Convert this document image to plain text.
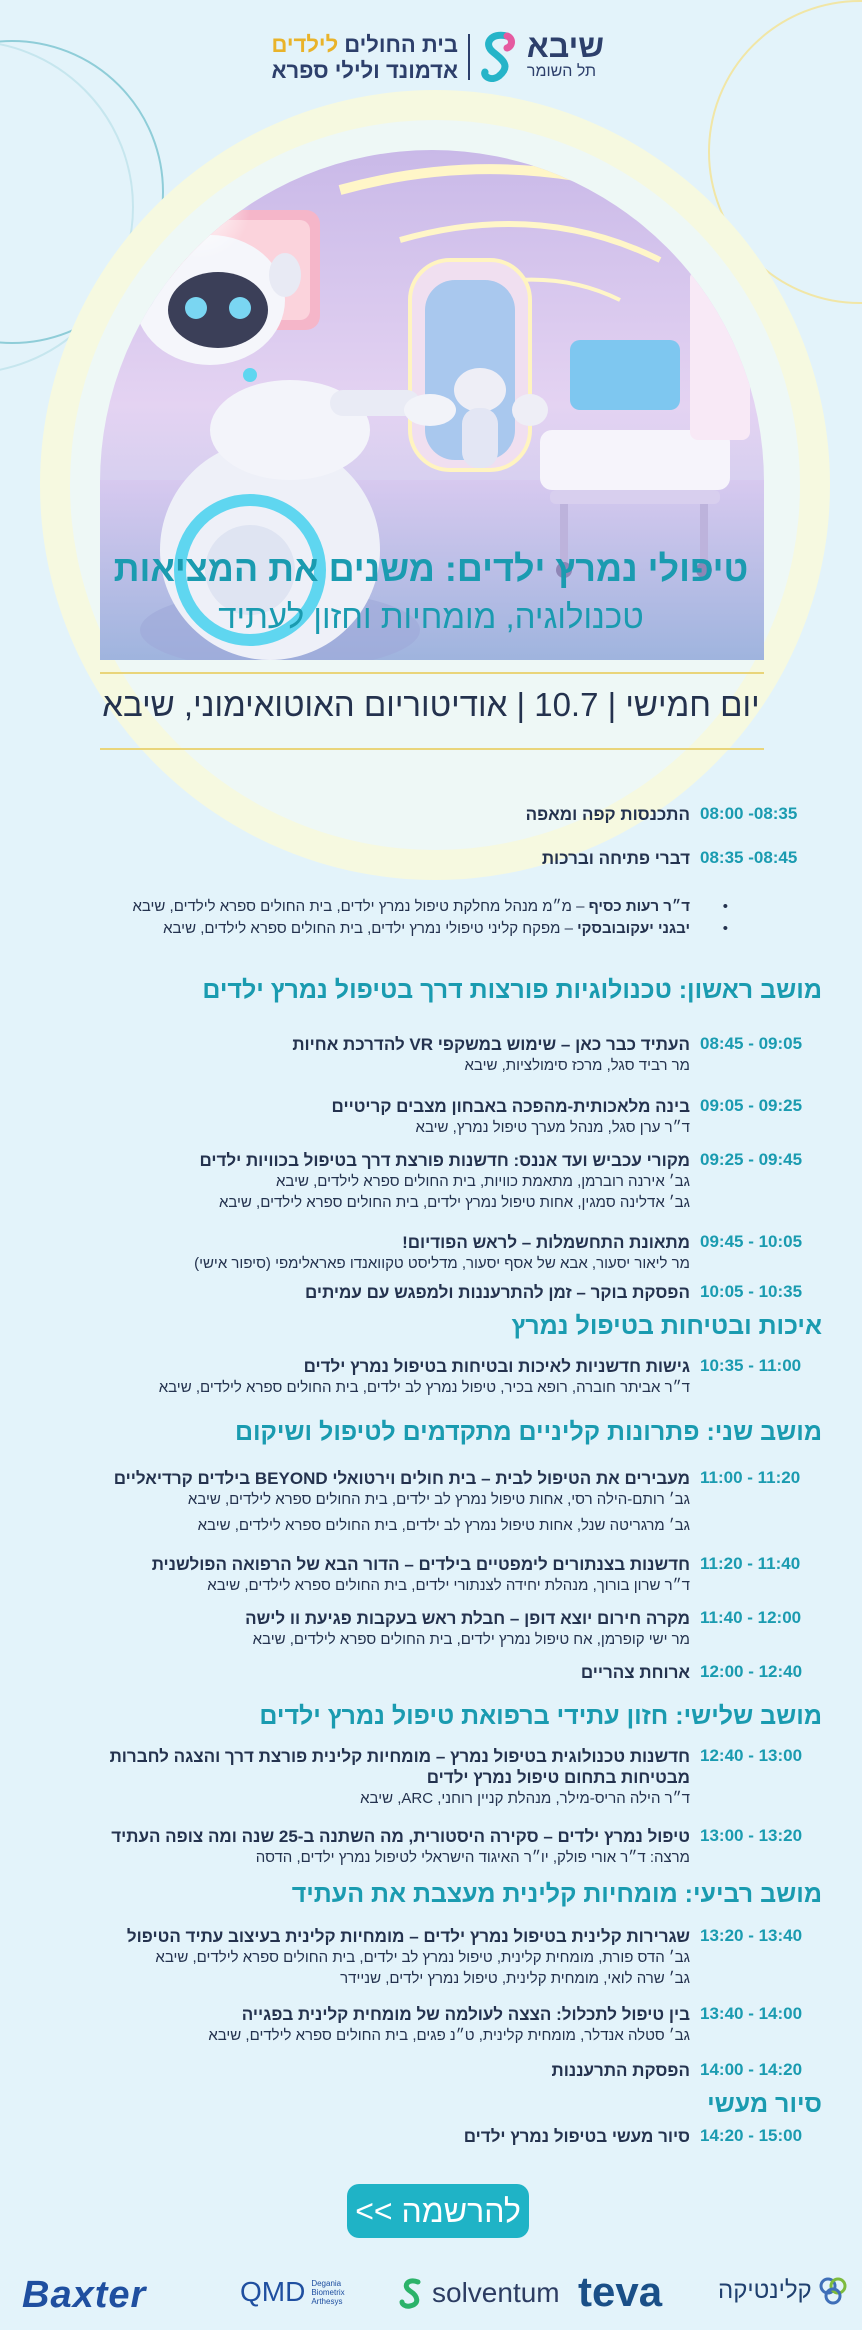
שיבא
תל השומר
בית החולים לילדים
אדמונד ולילי ספרא
טיפולי נמרץ ילדים: משנים את המציאות
טכנולוגיה, מומחיות וחזון לעתיד
יום חמישי | 10.7 | אודיטוריום האוטואימוני, שיבא
08:00 -08:35
התכנסות קפה ומאפה
08:35 -08:45
דברי פתיחה וברכות
•
ד״ר רעות כסיף – מ״מ מנהל מחלקת טיפול נמרץ ילדים, בית החולים ספרא לילדים, שיבא
•
יבגני יעקובובסקי – מפקח קליני טיפולי נמרץ ילדים, בית החולים ספרא לילדים, שיבא
מושב ראשון: טכנולוגיות פורצות דרך בטיפול נמרץ ילדים
08:45 - 09:05
העתיד כבר כאן – שימוש במשקפי VR להדרכת אחיות
מר רביד סגל, מרכז סימולציות, שיבא
09:05 - 09:25
בינה מלאכותית-מהפכה באבחון מצבים קריטיים
ד״ר ערן סגל, מנהל מערך טיפול נמרץ, שיבא
09:25 - 09:45
מקורי עכביש ועד אננס: חדשנות פורצת דרך בטיפול בכוויות ילדים
גב׳ אירנה רוברמן, מתאמת כוויות, בית החולים ספרא לילדים, שיבא
גב׳ אדלינה סמגין, אחות טיפול נמרץ ילדים, בית החולים ספרא לילדים, שיבא
09:45 - 10:05
מתאונת התחשמלות – לראש הפודיום!
מר ליאור יסעור, אבא של אסף יסעור, מדליסט טקוואנדו פאראלימפי (סיפור אישי)
10:05 - 10:35
הפסקת בוקר – זמן להתרעננות ולמפגש עם עמיתים
איכות ובטיחות בטיפול נמרץ
10:35 - 11:00
גישות חדשניות לאיכות ובטיחות בטיפול נמרץ ילדים
ד״ר אביתר חוברה, רופא בכיר, טיפול נמרץ לב ילדים, בית החולים ספרא לילדים, שיבא
מושב שני: פתרונות קליניים מתקדמים לטיפול ושיקום
11:00 - 11:20
מעבירים את הטיפול לבית – בית חולים וירטואלי BEYOND בילדים קרדיאליים
גב׳ רותם-הילה רסי, אחות טיפול נמרץ לב ילדים, בית החולים ספרא לילדים, שיבא
גב׳ מרגריטה שנל, אחות טיפול נמרץ לב ילדים, בית החולים ספרא לילדים, שיבא
11:20 - 11:40
חדשנות בצנתורים לימפטיים בילדים – הדור הבא של הרפואה הפולשנית
ד״ר שרון בורוך, מנהלת יחידה לצנתורי ילדים, בית החולים ספרא לילדים, שיבא
11:40 - 12:00
מקרה חירום יוצא דופן – חבלת ראש בעקבות פגיעת וו לישה
מר ישי קופרמן, אח טיפול נמרץ ילדים, בית החולים ספרא לילדים, שיבא
12:00 - 12:40
ארוחת צהריים
מושב שלישי: חזון עתידי ברפואת טיפול נמרץ ילדים
12:40 - 13:00
חדשנות טכנולוגית בטיפול נמרץ – מומחיות קלינית פורצת דרך והצגה לחברות מבטיחות בתחום טיפול נמרץ ילדים
ד״ר הילה הריס-מילר, מנהלת קניין רוחני, ARC, שיבא
13:00 - 13:20
טיפול נמרץ ילדים – סקירה היסטורית, מה השתנה ב-25 שנה ומה צופה העתיד
מרצה: ד״ר אורי פולק, יו״ר האיגוד הישראלי לטיפול נמרץ ילדים, הדסה
מושב רביעי: מומחיות קלינית מעצבת את העתיד
13:20 - 13:40
שגרירות קלינית בטיפול נמרץ ילדים – מומחיות קלינית בעיצוב עתיד הטיפול
גב׳ הדס פורת, מומחית קלינית, טיפול נמרץ לב ילדים, בית החולים ספרא לילדים, שיבא
גב׳ שרה לואי, מומחית קלינית, טיפול נמרץ ילדים, שניידר
13:40 - 14:00
בין טיפול לתכלול: הצצה לעולמה של מומחית קלינית בפגייה
גב׳ סטלה אנדלר, מומחית קלינית, ט״נ פגים, בית החולים ספרא לילדים, שיבא
14:00 - 14:20
הפסקת התרעננות
סיור מעשי
14:20 - 15:00
סיור מעשי בטיפול נמרץ ילדים
להרשמה >>
Baxter	QMD Degania
Biometrix
Arthesys	solventum teva קלינטיקה
